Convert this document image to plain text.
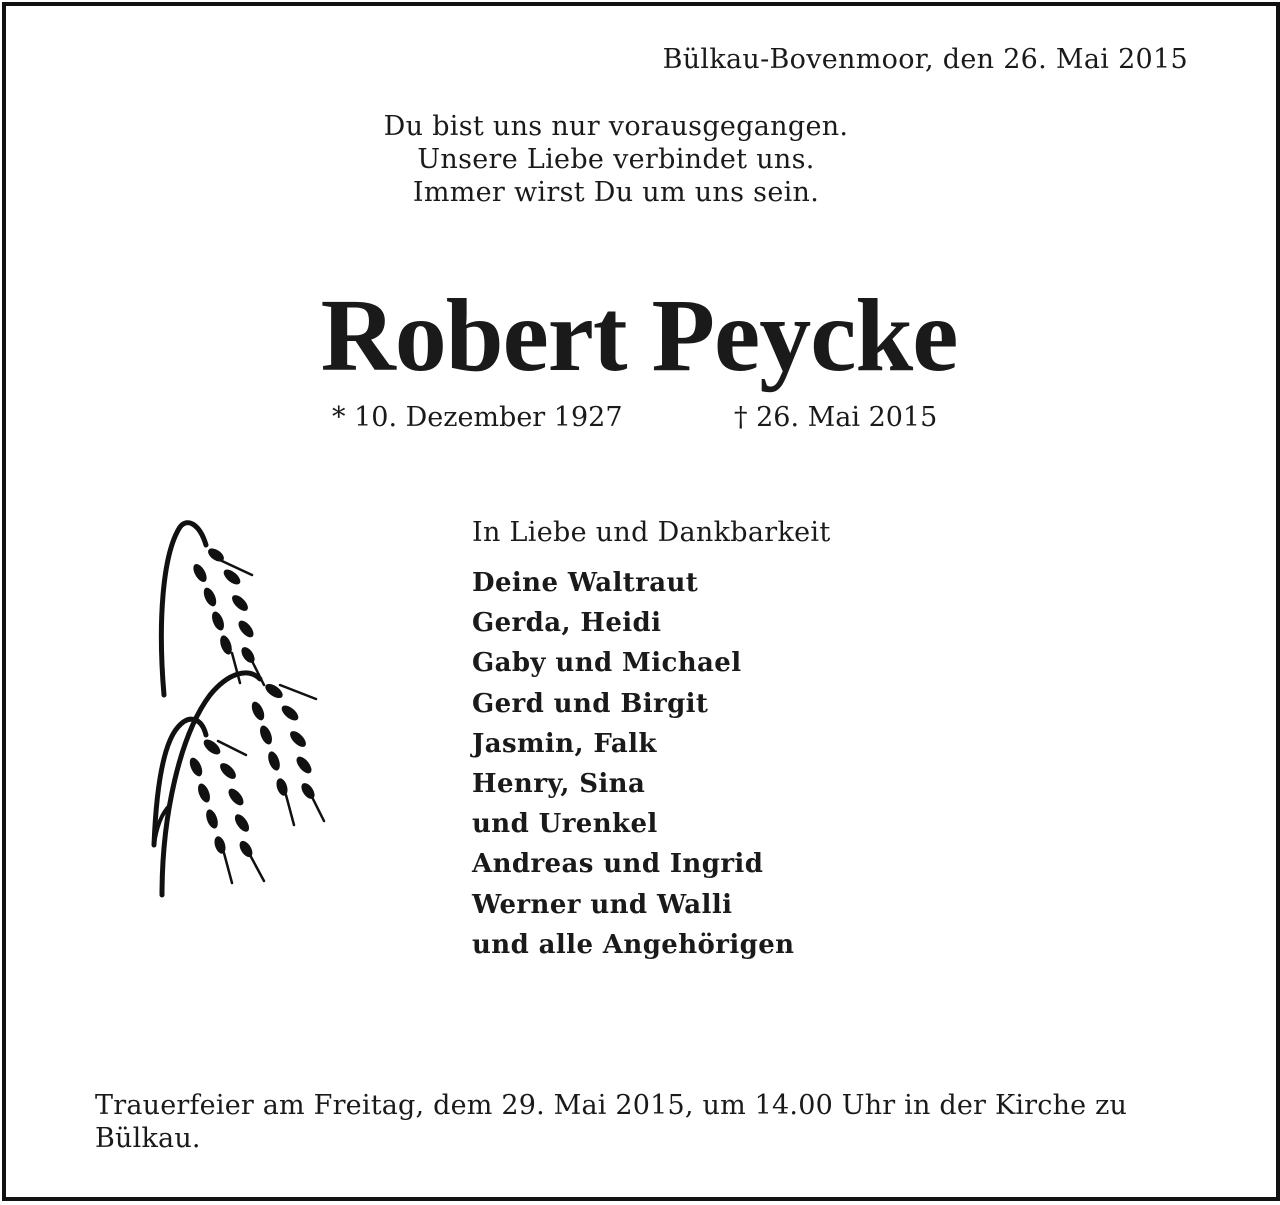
Bülkau-Bovenmoor, den 26. Mai 2015
Du bist uns nur vorausgegangen.
Unsere Liebe verbindet uns.
Immer wirst Du um uns sein.
Robert Peycke
* 10. Dezember 1927	† 26. Mai 2015
In Liebe und Dankbarkeit
Deine Waltraut
Gerda, Heidi
Gaby und Michael
Gerd und Birgit
Jasmin, Falk
Henry, Sina
und Urenkel
Andreas und Ingrid
Werner und Walli
und alle Angehörigen
Trauerfeier am Freitag, dem 29. Mai 2015, um 14.00 Uhr in der Kirche zu Bülkau.
